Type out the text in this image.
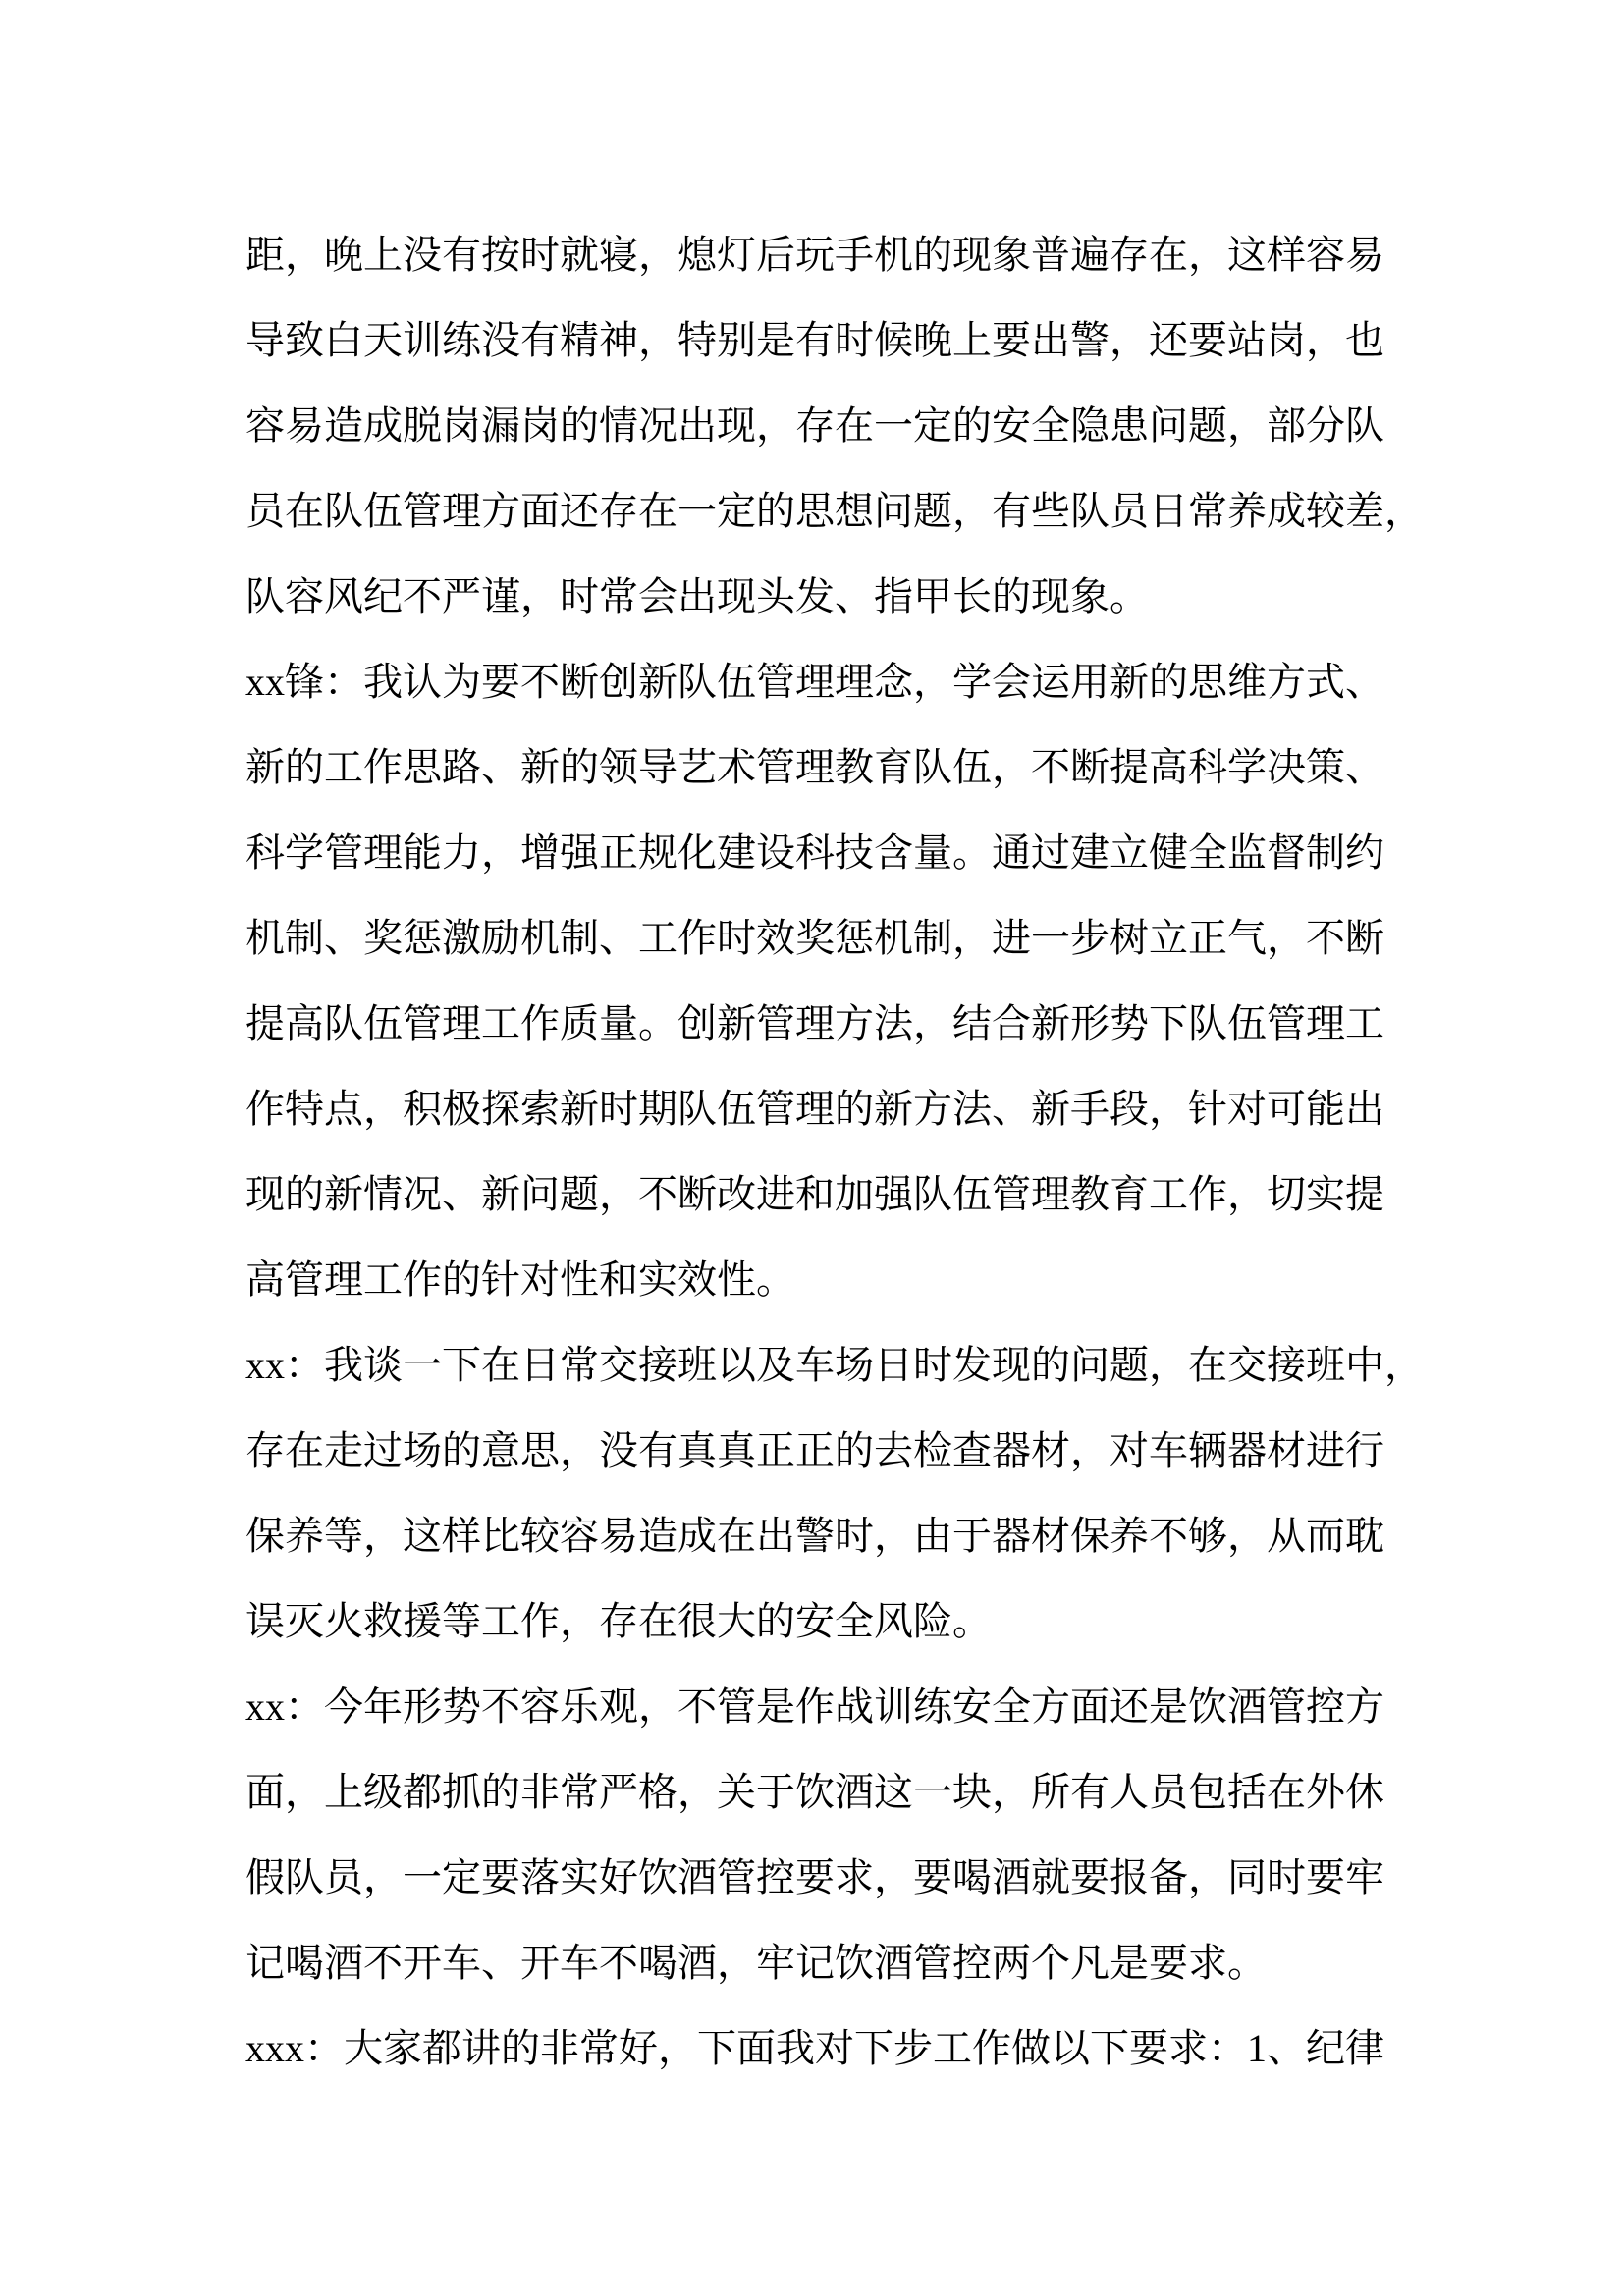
距，晚上没有按时就寝，熄灯后玩手机的现象普遍存在，这样容易
导致白天训练没有精神，特别是有时候晚上要出警，还要站岗，也
容易造成脱岗漏岗的情况出现，存在一定的安全隐患问题，部分队
员在队伍管理方面还存在一定的思想问题，有些队员日常养成较差，
队容风纪不严谨，时常会出现头发、指甲长的现象。
xx锋：我认为要不断创新队伍管理理念，学会运用新的思维方式、
新的工作思路、新的领导艺术管理教育队伍，不断提高科学决策、
科学管理能力，增强正规化建设科技含量。通过建立健全监督制约
机制、奖惩激励机制、工作时效奖惩机制，进一步树立正气，不断
提高队伍管理工作质量。创新管理方法，结合新形势下队伍管理工
作特点，积极探索新时期队伍管理的新方法、新手段，针对可能出
现的新情况、新问题，不断改进和加强队伍管理教育工作，切实提
高管理工作的针对性和实效性。
xx：我谈一下在日常交接班以及车场日时发现的问题，在交接班中，
存在走过场的意思，没有真真正正的去检查器材，对车辆器材进行
保养等，这样比较容易造成在出警时，由于器材保养不够，从而耽
误灭火救援等工作，存在很大的安全风险。
xx：今年形势不容乐观，不管是作战训练安全方面还是饮酒管控方
面，上级都抓的非常严格，关于饮酒这一块，所有人员包括在外休
假队员，一定要落实好饮酒管控要求，要喝酒就要报备，同时要牢
记喝酒不开车、开车不喝酒，牢记饮酒管控两个凡是要求。
xxx：大家都讲的非常好，下面我对下步工作做以下要求：1、纪律
